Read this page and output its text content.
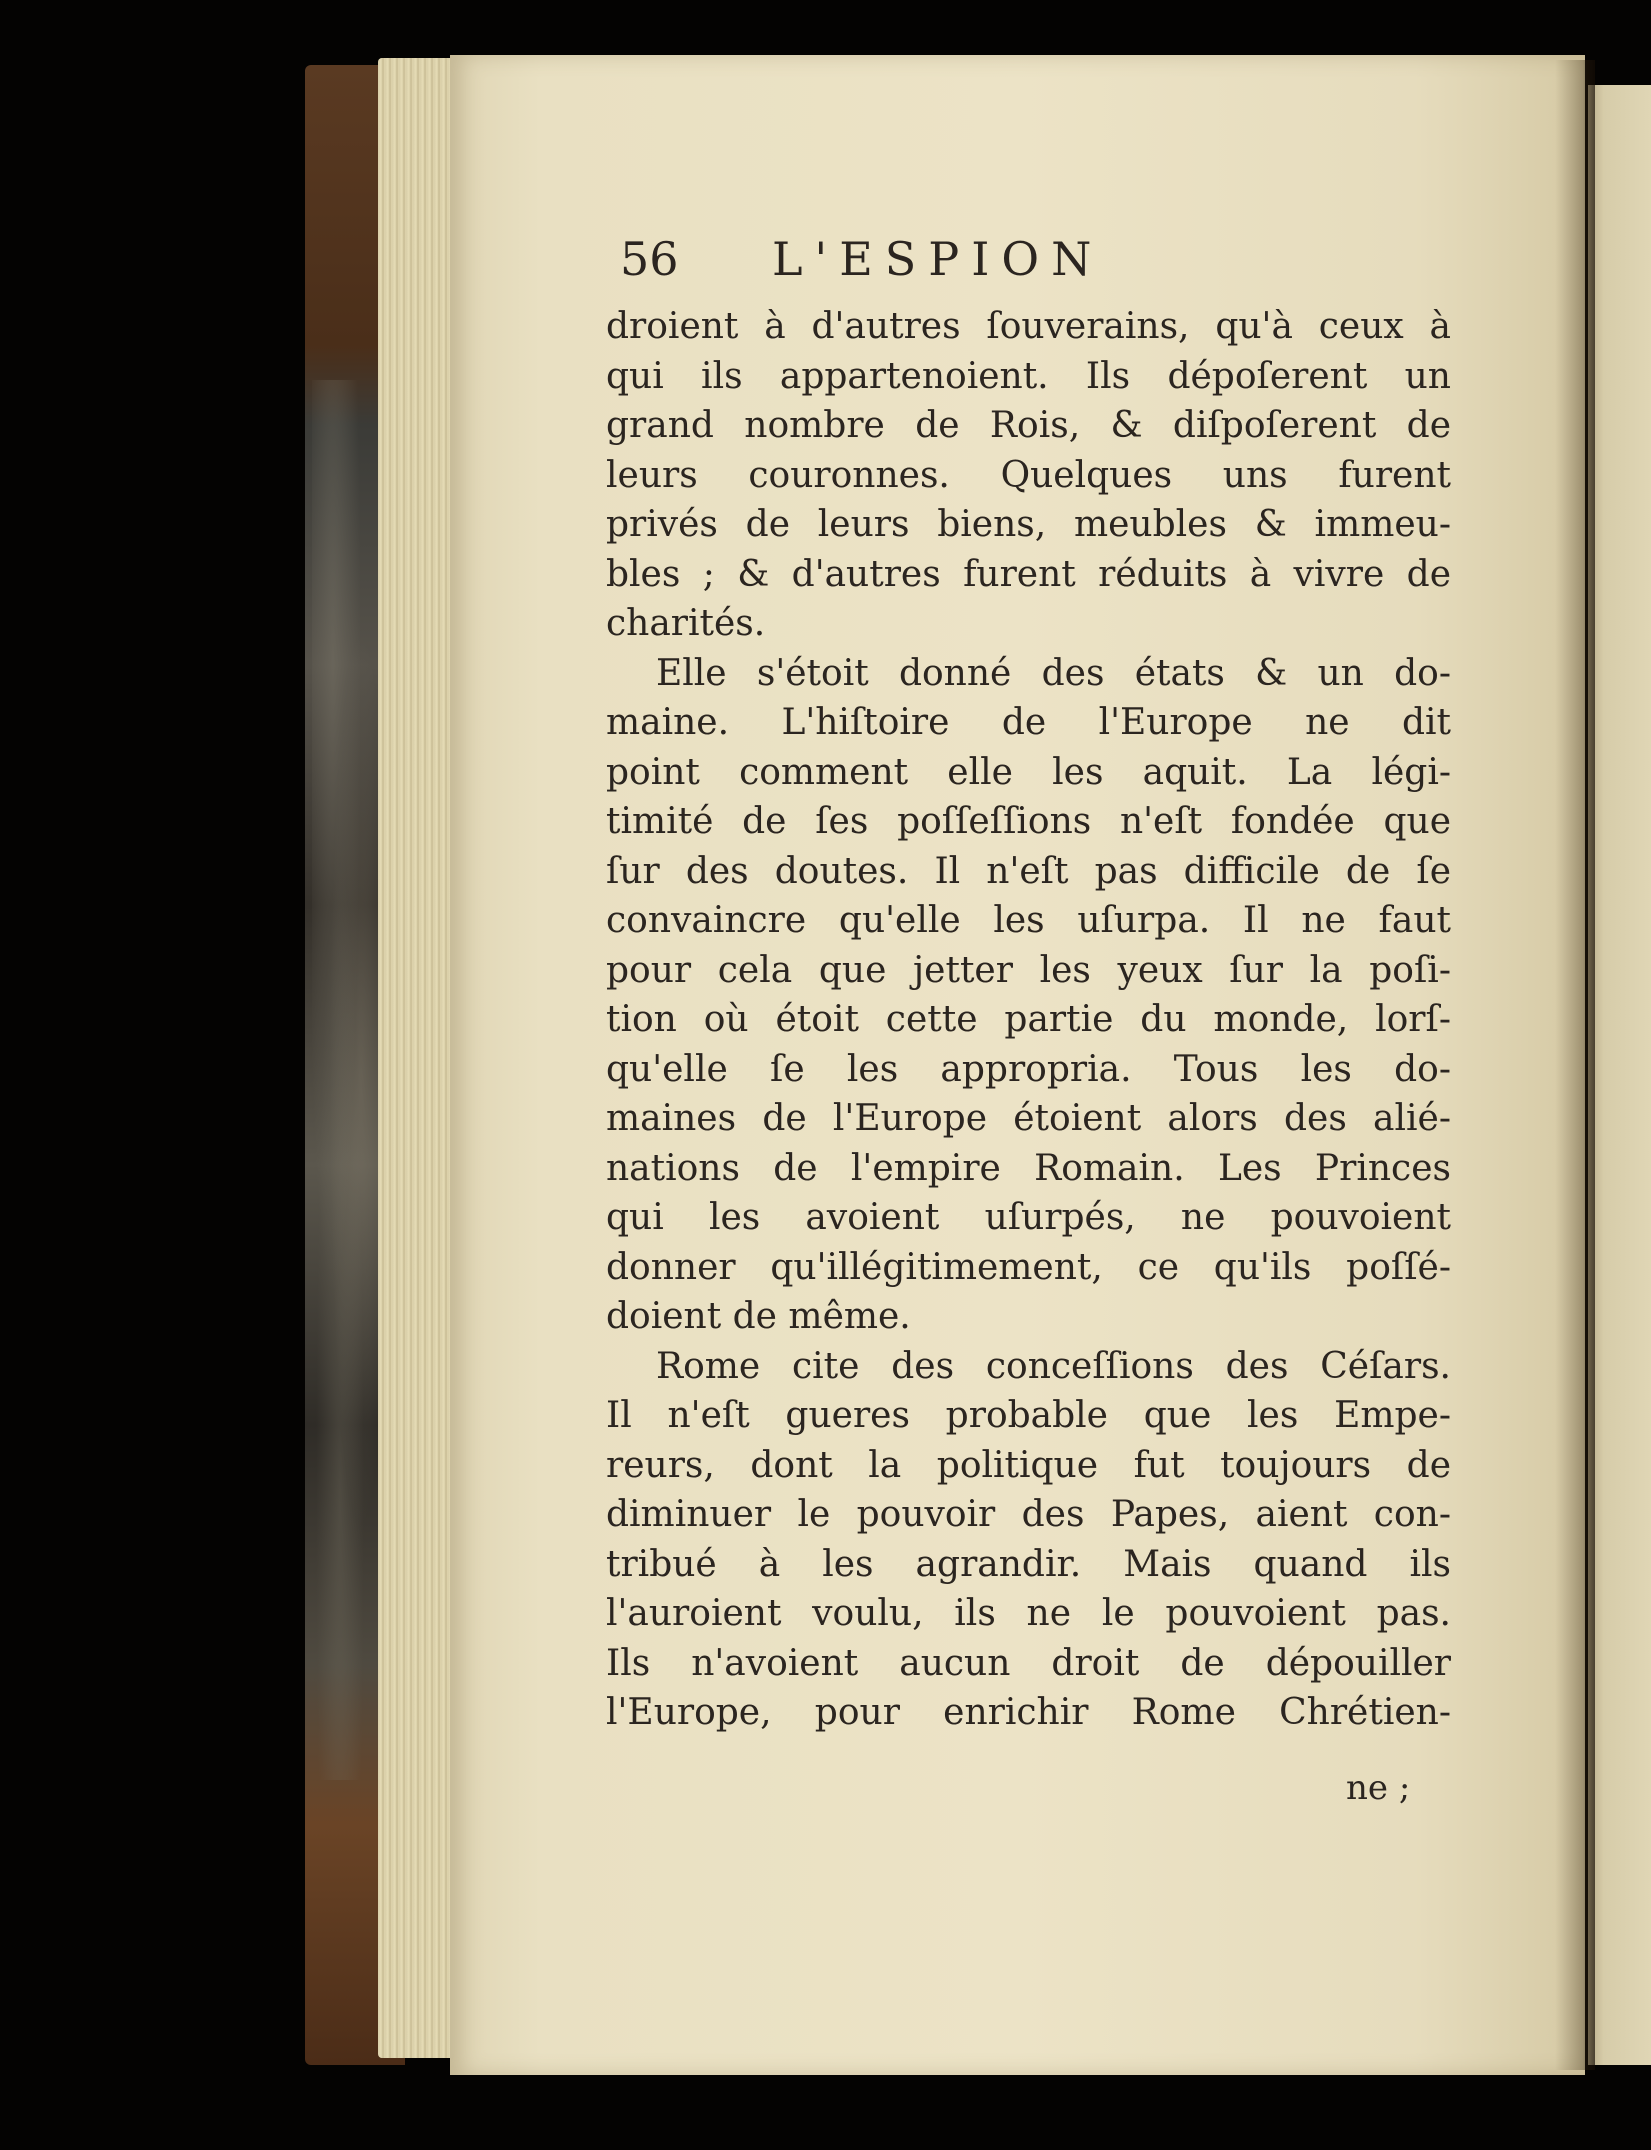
56 L'ESPION
droient à d'autres ſouverains, qu'à ceux à
qui ils appartenoient. Ils dépoſerent un
grand nombre de Rois, & diſpoſerent de
leurs couronnes. Quelques uns furent
privés de leurs biens, meubles & immeu-
bles ; & d'autres furent réduits à vivre de
charités.
Elle s'étoit donné des états & un do-
maine. L'hiſtoire de l'Europe ne dit
point comment elle les aquit. La légi-
timité de ſes poſſeſſions n'eſt fondée que
ſur des doutes. Il n'eſt pas difficile de ſe
convaincre qu'elle les uſurpa. Il ne faut
pour cela que jetter les yeux ſur la poſi-
tion où étoit cette partie du monde, lorſ-
qu'elle ſe les appropria. Tous les do-
maines de l'Europe étoient alors des alié-
nations de l'empire Romain. Les Princes
qui les avoient uſurpés, ne pouvoient
donner qu'illégitimement, ce qu'ils poſſé-
doient de même.
Rome cite des conceſſions des Céſars.
Il n'eſt gueres probable que les Empe-
reurs, dont la politique fut toujours de
diminuer le pouvoir des Papes, aient con-
tribué à les agrandir. Mais quand ils
l'auroient voulu, ils ne le pouvoient pas.
Ils n'avoient aucun droit de dépouiller
l'Europe, pour enrichir Rome Chrétien-
ne ;
